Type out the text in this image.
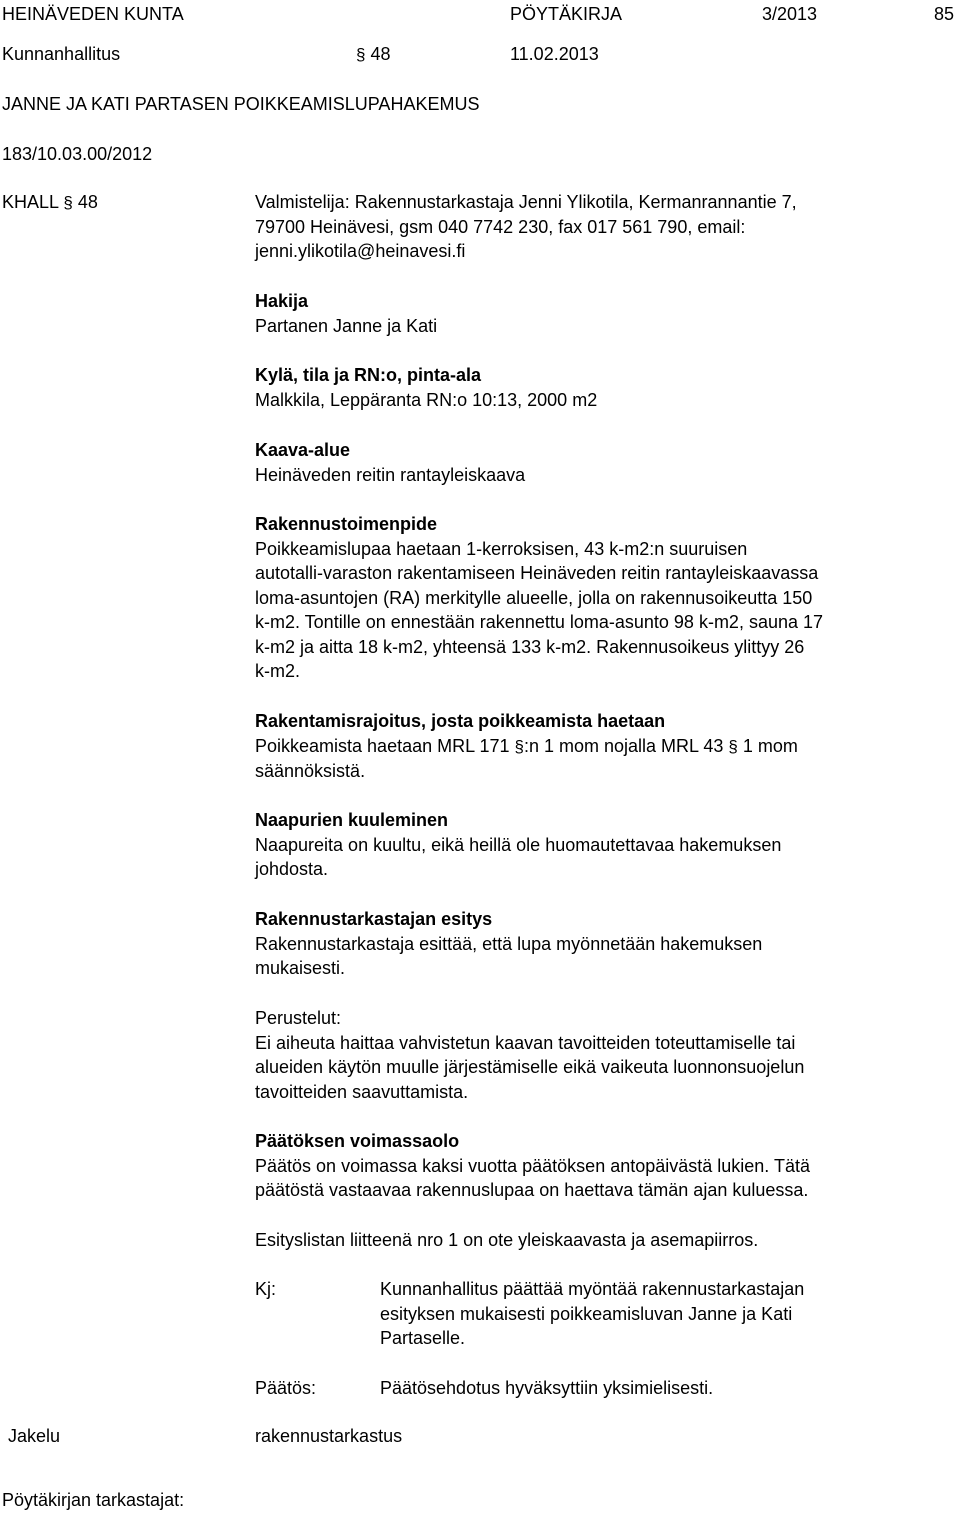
HEINÄVEDEN KUNTA	PÖYTÄKIRJA	3/2013	85
Kunnanhallitus	§ 48	11.02.2013
JANNE JA KATI PARTASEN POIKKEAMISLUPAHAKEMUS
183/10.03.00/2012
KHALL § 48	Valmistelija: Rakennustarkastaja Jenni Ylikotila, Kermanrannantie 7,

79700 Heinävesi, gsm 040 7742 230, fax 017 561 790, email:

jenni.ylikotila@heinavesi.fi

Hakija

Partanen Janne ja Kati

Kylä, tila ja RN:o, pinta-ala

Malkkila, Leppäranta RN:o 10:13, 2000 m2

Kaava-alue

Heinäveden reitin rantayleiskaava

Rakennustoimenpide

Poikkeamislupaa haetaan 1-kerroksisen, 43 k-m2:n suuruisen

autotalli-varaston rakentamiseen Heinäveden reitin rantayleiskaavassa

loma-asuntojen (RA) merkitylle alueelle, jolla on rakennusoikeutta 150

k-m2. Tontille on ennestään rakennettu loma-asunto 98 k-m2, sauna 17

k-m2 ja aitta 18 k-m2, yhteensä 133 k-m2. Rakennusoikeus ylittyy 26

k-m2.

Rakentamisrajoitus, josta poikkeamista haetaan

Poikkeamista haetaan MRL 171 §:n 1 mom nojalla MRL 43 § 1 mom

säännöksistä.

Naapurien kuuleminen

Naapureita on kuultu, eikä heillä ole huomautettavaa hakemuksen

johdosta.

Rakennustarkastajan esitys

Rakennustarkastaja esittää, että lupa myönnetään hakemuksen

mukaisesti.

Perustelut:

Ei aiheuta haittaa vahvistetun kaavan tavoitteiden toteuttamiselle tai

alueiden käytön muulle järjestämiselle eikä vaikeuta luonnonsuojelun

tavoitteiden saavuttamista.

Päätöksen voimassaolo

Päätös on voimassa kaksi vuotta päätöksen antopäivästä lukien. Tätä

päätöstä vastaavaa rakennuslupaa on haettava tämän ajan kuluessa.

Esityslistan liitteenä nro 1 on ote yleiskaavasta ja asemapiirros.
Kj:	Kunnanhallitus päättää myöntää rakennustarkastajan

esityksen mukaisesti poikkeamisluvan Janne ja Kati

Partaselle.

Päätös:	Päätösehdotus hyväksyttiin yksimielisesti.
Jakelu	rakennustarkastus
Pöytäkirjan tarkastajat:
